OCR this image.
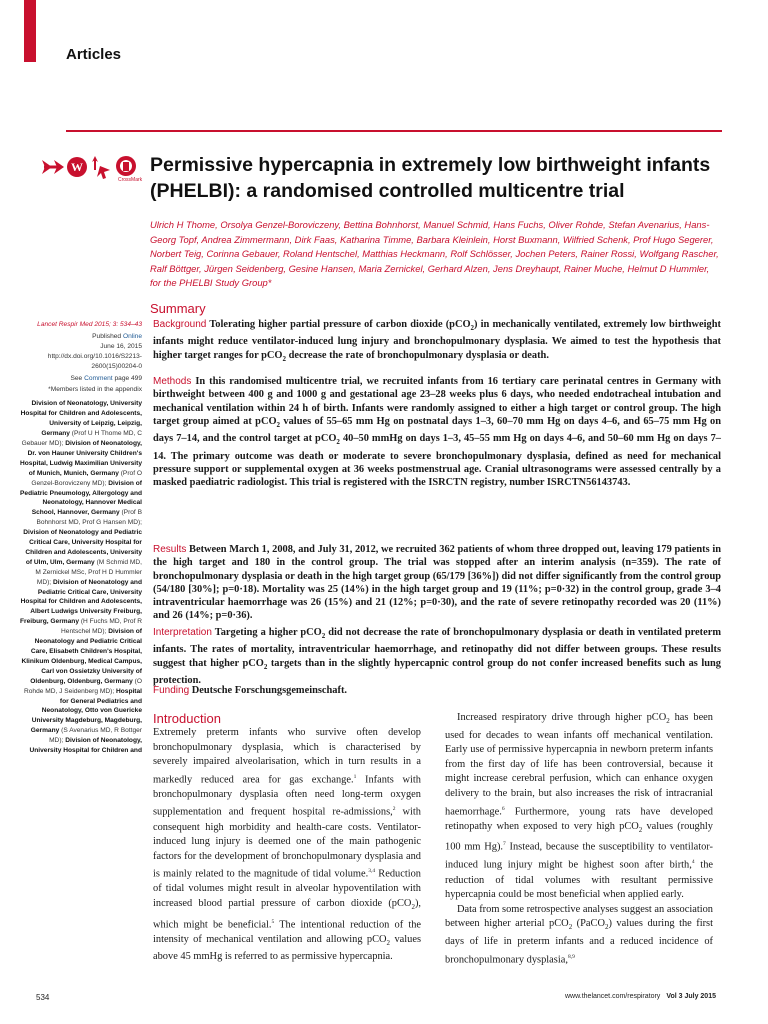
Articles
W
CrossMark
Permissive hypercapnia in extremely low birthweight infants (PHELBI): a randomised controlled multicentre trial
Ulrich H Thome, Orsolya Genzel-Boroviczeny, Bettina Bohnhorst, Manuel Schmid, Hans Fuchs, Oliver Rohde, Stefan Avenarius, Hans-Georg Topf, Andrea Zimmermann, Dirk Faas, Katharina Timme, Barbara Kleinlein, Horst Buxmann, Wilfried Schenk, Prof Hugo Segerer, Norbert Teig, Corinna Gebauer, Roland Hentschel, Matthias Heckmann, Rolf Schlösser, Jochen Peters, Rainer Rossi, Wolfgang Rascher, Ralf Böttger, Jürgen Seidenberg, Gesine Hansen, Maria Zernickel, Gerhard Alzen, Jens Dreyhaupt, Rainer Muche, Helmut D Hummler, for the PHELBI Study Group*
Summary
Background Tolerating higher partial pressure of carbon dioxide (pCO$_2$) in mechanically ventilated, extremely low birthweight infants might reduce ventilator-induced lung injury and bronchopulmonary dysplasia. We aimed to test the hypothesis that higher target ranges for pCO$_2$ decrease the rate of bronchopulmonary dysplasia or death.
Methods In this randomised multicentre trial, we recruited infants from 16 tertiary care perinatal centres in Germany with birthweight between 400 g and 1000 g and gestational age 23–28 weeks plus 6 days, who needed endotracheal intubation and mechanical ventilation within 24 h of birth. Infants were randomly assigned to either a high target or control group. The high target group aimed at pCO$_2$ values of 55–65 mm Hg on postnatal days 1–3, 60–70 mm Hg on days 4–6, and 65–75 mm Hg on days 7–14, and the control target at pCO$_2$ 40–50 mmHg on days 1–3, 45–55 mm Hg on days 4–6, and 50–60 mm Hg on days 7–14. The primary outcome was death or moderate to severe bronchopulmonary dysplasia, defined as need for mechanical pressure support or supplemental oxygen at 36 weeks postmenstrual age. Cranial ultrasonograms were assessed centrally by a masked paediatric radiologist. This trial is registered with the ISRCTN registry, number ISRCTN56143743.
Results Between March 1, 2008, and July 31, 2012, we recruited 362 patients of whom three dropped out, leaving 179 patients in the high target and 180 in the control group. The trial was stopped after an interim analysis (n=359). The rate of bronchopulmonary dysplasia or death in the high target group (65/179 [36%]) did not differ significantly from the control group (54/180 [30%]; p=0·18). Mortality was 25 (14%) in the high target group and 19 (11%; p=0·32) in the control group, grade 3–4 intraventricular haemorrhage was 26 (15%) and 21 (12%; p=0·30), and the rate of severe retinopathy recorded was 20 (11%) and 26 (14%; p=0·36).
Interpretation Targeting a higher pCO$_2$ did not decrease the rate of bronchopulmonary dysplasia or death in ventilated preterm infants. The rates of mortality, intraventricular haemorrhage, and retinopathy did not differ between groups. These results suggest that higher pCO$_2$ targets than in the slightly hypercapnic control group do not confer increased benefits such as lung protection.
Funding Deutsche Forschungsgemeinschaft.
Lancet Respir Med 2015; 3: 534–43
Published Online
June 16, 2015
http://dx.doi.org/10.1016/S2213-2600(15)00204-0
See Comment page 499
*Members listed in the appendix
Division of Neonatology, University Hospital for Children and Adolescents, University of Leipzig, Leipzig, Germany (Prof U H Thome MD, C Gebauer MD); Division of Neonatology, Dr. von Hauner University Children's Hospital, Ludwig Maximilian University of Munich, Munich, Germany (Prof O Genzel-Boroviczeny MD); Division of Pediatric Pneumology, Allergology and Neonatology, Hannover Medical School, Hannover, Germany (Prof B Bohnhorst MD, Prof G Hansen MD); Division of Neonatology and Pediatric Critical Care, University Hospital for Children and Adolescents, University of Ulm, Ulm, Germany (M Schmid MD, M Zernickel MSc, Prof H D Hummler MD); Division of Neonatology and Pediatric Critical Care, University Hospital for Children and Adolescents, Albert Ludwigs University Freiburg, Freiburg, Germany (H Fuchs MD, Prof R Hentschel MD); Division of Neonatology and Pediatric Critical Care, Elisabeth Children's Hospital, Klinikum Oldenburg, Medical Campus, Carl von Ossietzky University of Oldenburg, Oldenburg, Germany (O Rohde MD, J Seidenberg MD); Hospital for General Pediatrics and Neonatology, Otto von Guericke University Magdeburg, Magdeburg, Germany (S Avenarius MD, R Bottger MD); Division of Neonatology, University Hospital for Children and
Introduction

Extremely preterm infants who survive often develop bronchopulmonary dysplasia, which is characterised by severely impaired alveolarisation, which in turn results in a markedly reduced area for gas exchange.$^1$ Infants with bronchopulmonary dysplasia often need long-term oxygen supplementation and frequent hospital re-admissions,$^2$ with consequent high morbidity and health-care costs. Ventilator-induced lung injury is deemed one of the main pathogenic factors for the development of bronchopulmonary dysplasia and is mainly related to the magnitude of tidal volume.$^{3,4}$ Reduction of tidal volumes might result in alveolar hypoventilation with increased blood partial pressure of carbon dioxide (pCO$_2$), which might be beneficial.$^5$ The intentional reduction of the intensity of mechanical ventilation and allowing pCO$_2$ values above 45 mmHg is referred to as permissive hypercapnia.

Increased respiratory drive through higher pCO$_2$ has been used for decades to wean infants off mechanical ventilation. Early use of permissive hypercapnia in newborn preterm infants from the first day of life has been controversial, because it might increase cerebral perfusion, which can enhance oxygen delivery to the brain, but also increases the risk of intracranial haemorrhage.$^6$ Furthermore, young rats have developed retinopathy when exposed to very high pCO$_2$ values (roughly 100 mm Hg).$^7$ Instead, because the susceptibility to ventilator-induced lung injury might be highest soon after birth,$^4$ the reduction of tidal volumes with resultant permissive hypercapnia could be most beneficial when applied early.

Data from some retrospective analyses suggest an association between higher arterial pCO$_2$ (PaCO$_2$) values during the first days of life in preterm infants and a reduced incidence of bronchopulmonary dysplasia,$^{8,9}$

534	www.thelancet.com/respiratory Vol 3 July 2015
